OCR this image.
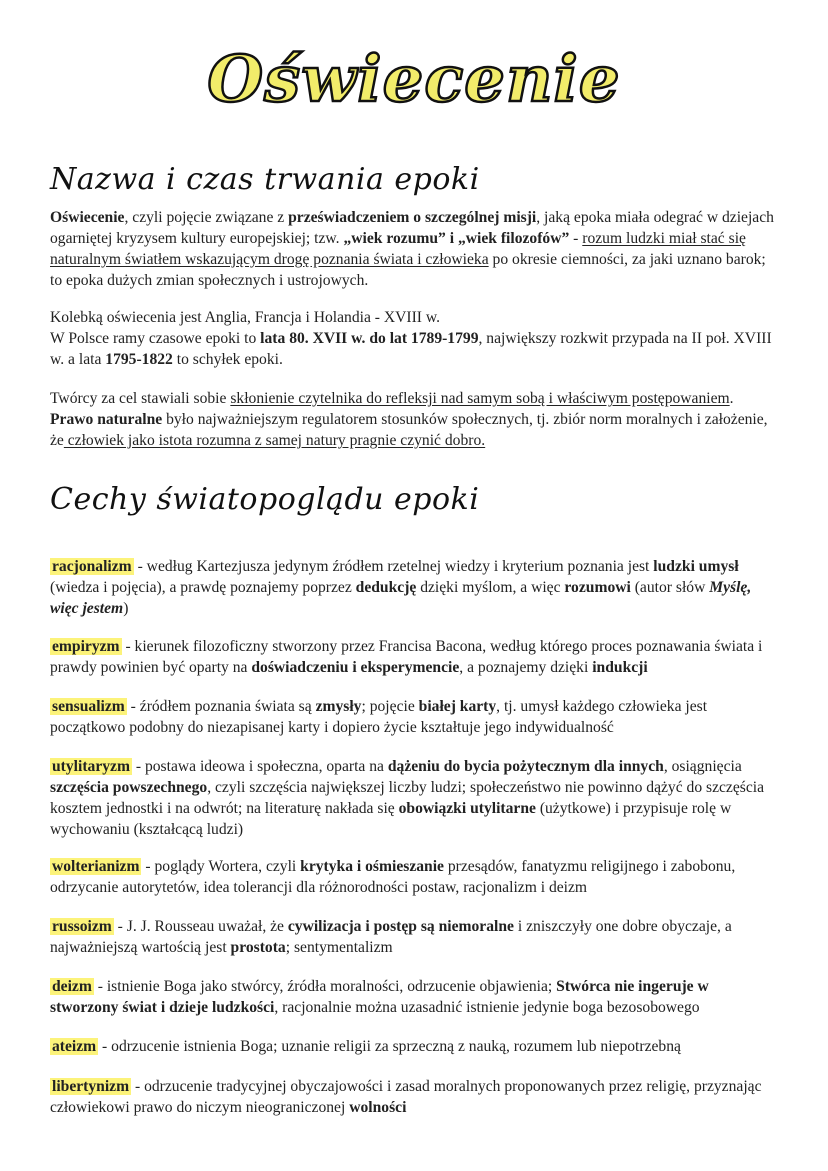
Oświecenie
Nazwa i czas trwania epoki

Oświecenie, czyli pojęcie związane z przeświadczeniem o szczególnej misji, jaką epoka miała odegrać w dziejach ogarniętej kryzysem kultury europejskiej; tzw. „wiek rozumu” i „wiek filozofów” - rozum ludzki miał stać się naturalnym światłem wskazującym drogę poznania świata i człowieka po okresie ciemności, za jaki uznano barok; to epoka dużych zmian społecznych i ustrojowych.

Kolebką oświecenia jest Anglia, Francja i Holandia - XVIII w.
W Polsce ramy czasowe epoki to lata 80. XVII w. do lat 1789-1799, największy rozkwit przypada na II poł. XVIII w. a lata 1795-1822 to schyłek epoki.

Twórcy za cel stawiali sobie skłonienie czytelnika do refleksji nad samym sobą i właściwym postępowaniem.
Prawo naturalne było najważniejszym regulatorem stosunków społecznych, tj. zbiór norm moralnych i założenie, że człowiek jako istota rozumna z samej natury pragnie czynić dobro.

Cechy światopoglądu epoki

racjonalizm - według Kartezjusza jedynym źródłem rzetelnej wiedzy i kryterium poznania jest ludzki umysł (wiedza i pojęcia), a prawdę poznajemy poprzez dedukcję dzięki myślom, a więc rozumowi (autor słów Myślę, więc jestem)

empiryzm - kierunek filozoficzny stworzony przez Francisa Bacona, według którego proces poznawania świata i prawdy powinien być oparty na doświadczeniu i eksperymencie, a poznajemy dzięki indukcji

sensualizm - źródłem poznania świata są zmysły; pojęcie białej karty, tj. umysł każdego człowieka jest początkowo podobny do niezapisanej karty i dopiero życie kształtuje jego indywidualność

utylitaryzm - postawa ideowa i społeczna, oparta na dążeniu do bycia pożytecznym dla innych, osiągnięcia szczęścia powszechnego, czyli szczęścia największej liczby ludzi; społeczeństwo nie powinno dążyć do szczęścia kosztem jednostki i na odwrót; na literaturę nakłada się obowiązki utylitarne (użytkowe) i przypisuje rolę w wychowaniu (kształcącą ludzi)

wolterianizm - poglądy Wortera, czyli krytyka i ośmieszanie przesądów, fanatyzmu religijnego i zabobonu, odrzycanie autorytetów, idea tolerancji dla różnorodności postaw, racjonalizm i deizm

russoizm - J. J. Rousseau uważał, że cywilizacja i postęp są niemoralne i zniszczyły one dobre obyczaje, a najważniejszą wartością jest prostota; sentymentalizm

deizm - istnienie Boga jako stwórcy, źródła moralności, odrzucenie objawienia; Stwórca nie ingeruje w stworzony świat i dzieje ludzkości, racjonalnie można uzasadnić istnienie jedynie boga bezosobowego

ateizm - odrzucenie istnienia Boga; uznanie religii za sprzeczną z nauką, rozumem lub niepotrzebną

libertynizm - odrzucenie tradycyjnej obyczajowości i zasad moralnych proponowanych przez religię, przyznając człowiekowi prawo do niczym nieograniczonej wolności
